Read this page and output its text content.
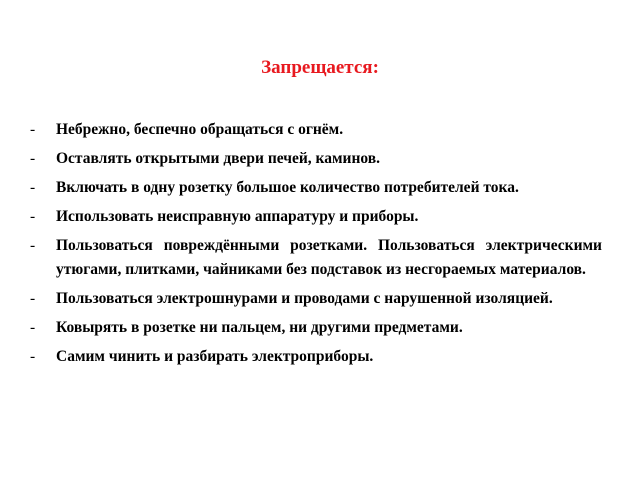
Запрещается:
-	Небрежно, беспечно обращаться с огнём.
-	Оставлять открытыми двери печей, каминов.
-	Включать в одну розетку большое количество потребителей тока.
-	Использовать неисправную аппаратуру и приборы.
-	Пользоваться повреждёнными розетками. Пользоваться электрическими утюгами, плитками, чайниками без подставок из несгораемых материалов.
-	Пользоваться электрошнурами и проводами с нарушенной изоляцией.
-	Ковырять в розетке ни пальцем, ни другими предметами.
-	Самим чинить и разбирать электроприборы.
